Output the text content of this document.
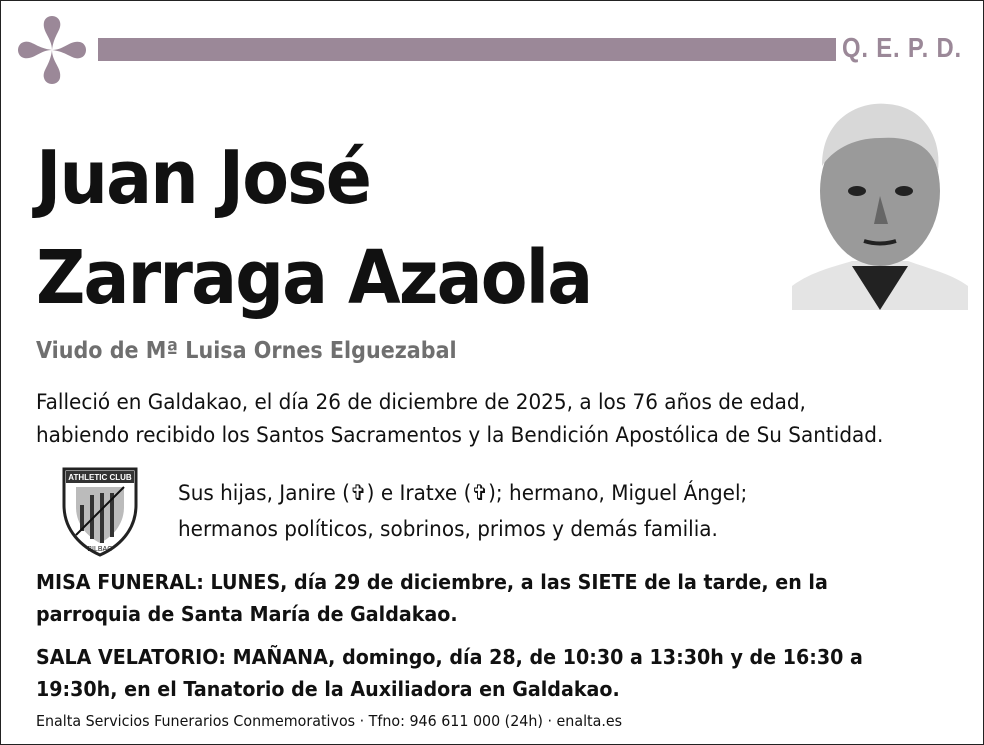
Q. E. P. D.
Juan José
Zarraga Azaola
Viudo de Mª Luisa Ornes Elguezabal
Falleció en Galdakao, el día 26 de diciembre de 2025, a los 76 años de edad,
habiendo recibido los Santos Sacramentos y la Bendición Apostólica de Su Santidad.
ATHLETIC CLUB
BILBAO
Sus hijas, Janire (✞) e Iratxe (✞); hermano, Miguel Ángel;
hermanos políticos, sobrinos, primos y demás familia.
MISA FUNERAL: LUNES, día 29 de diciembre, a las SIETE de la tarde, en la
parroquia de Santa María de Galdakao.
SALA VELATORIO: MAÑANA, domingo, día 28, de 10:30 a 13:30h y de 16:30 a
19:30h, en el Tanatorio de la Auxiliadora en Galdakao.
Enalta Servicios Funerarios Conmemorativos · Tfno: 946 611 000 (24h) · enalta.es
